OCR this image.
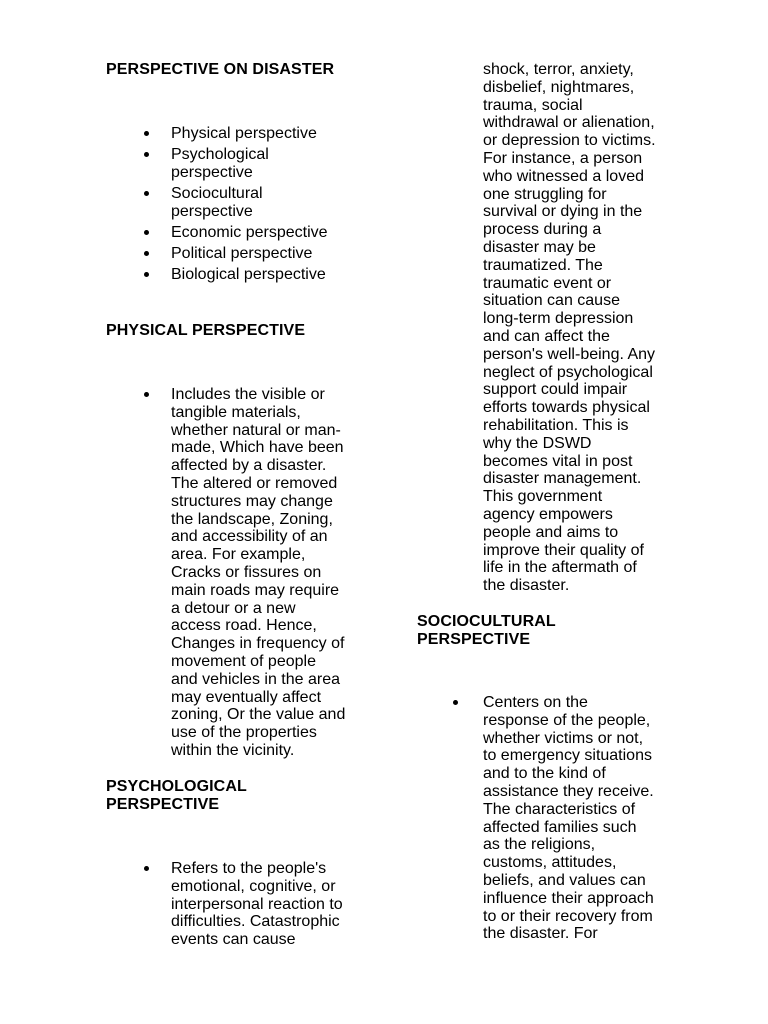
PERSPECTIVE ON DISASTER
Physical perspective
Psychological
perspective
Sociocultural
perspective
Economic perspective
Political perspective
Biological perspective
PHYSICAL PERSPECTIVE
Includes the visible or
tangible materials,
whether natural or man-
made, Which have been
affected by a disaster.
The altered or removed
structures may change
the landscape, Zoning,
and accessibility of an
area. For example,
Cracks or fissures on
main roads may require
a detour or a new
access road. Hence,
Changes in frequency of
movement of people
and vehicles in the area
may eventually affect
zoning, Or the value and
use of the properties
within the vicinity.
PSYCHOLOGICAL
PERSPECTIVE
Refers to the people's
emotional, cognitive, or
interpersonal reaction to
difficulties. Catastrophic
events can cause
shock, terror, anxiety,
disbelief, nightmares,
trauma, social
withdrawal or alienation,
or depression to victims.
For instance, a person
who witnessed a loved
one struggling for
survival or dying in the
process during a
disaster may be
traumatized. The
traumatic event or
situation can cause
long-term depression
and can affect the
person's well-being. Any
neglect of psychological
support could impair
efforts towards physical
rehabilitation. This is
why the DSWD
becomes vital in post
disaster management.
This government
agency empowers
people and aims to
improve their quality of
life in the aftermath of
the disaster.
SOCIOCULTURAL
PERSPECTIVE
Centers on the
response of the people,
whether victims or not,
to emergency situations
and to the kind of
assistance they receive.
The characteristics of
affected families such
as the religions,
customs, attitudes,
beliefs, and values can
influence their approach
to or their recovery from
the disaster. For
